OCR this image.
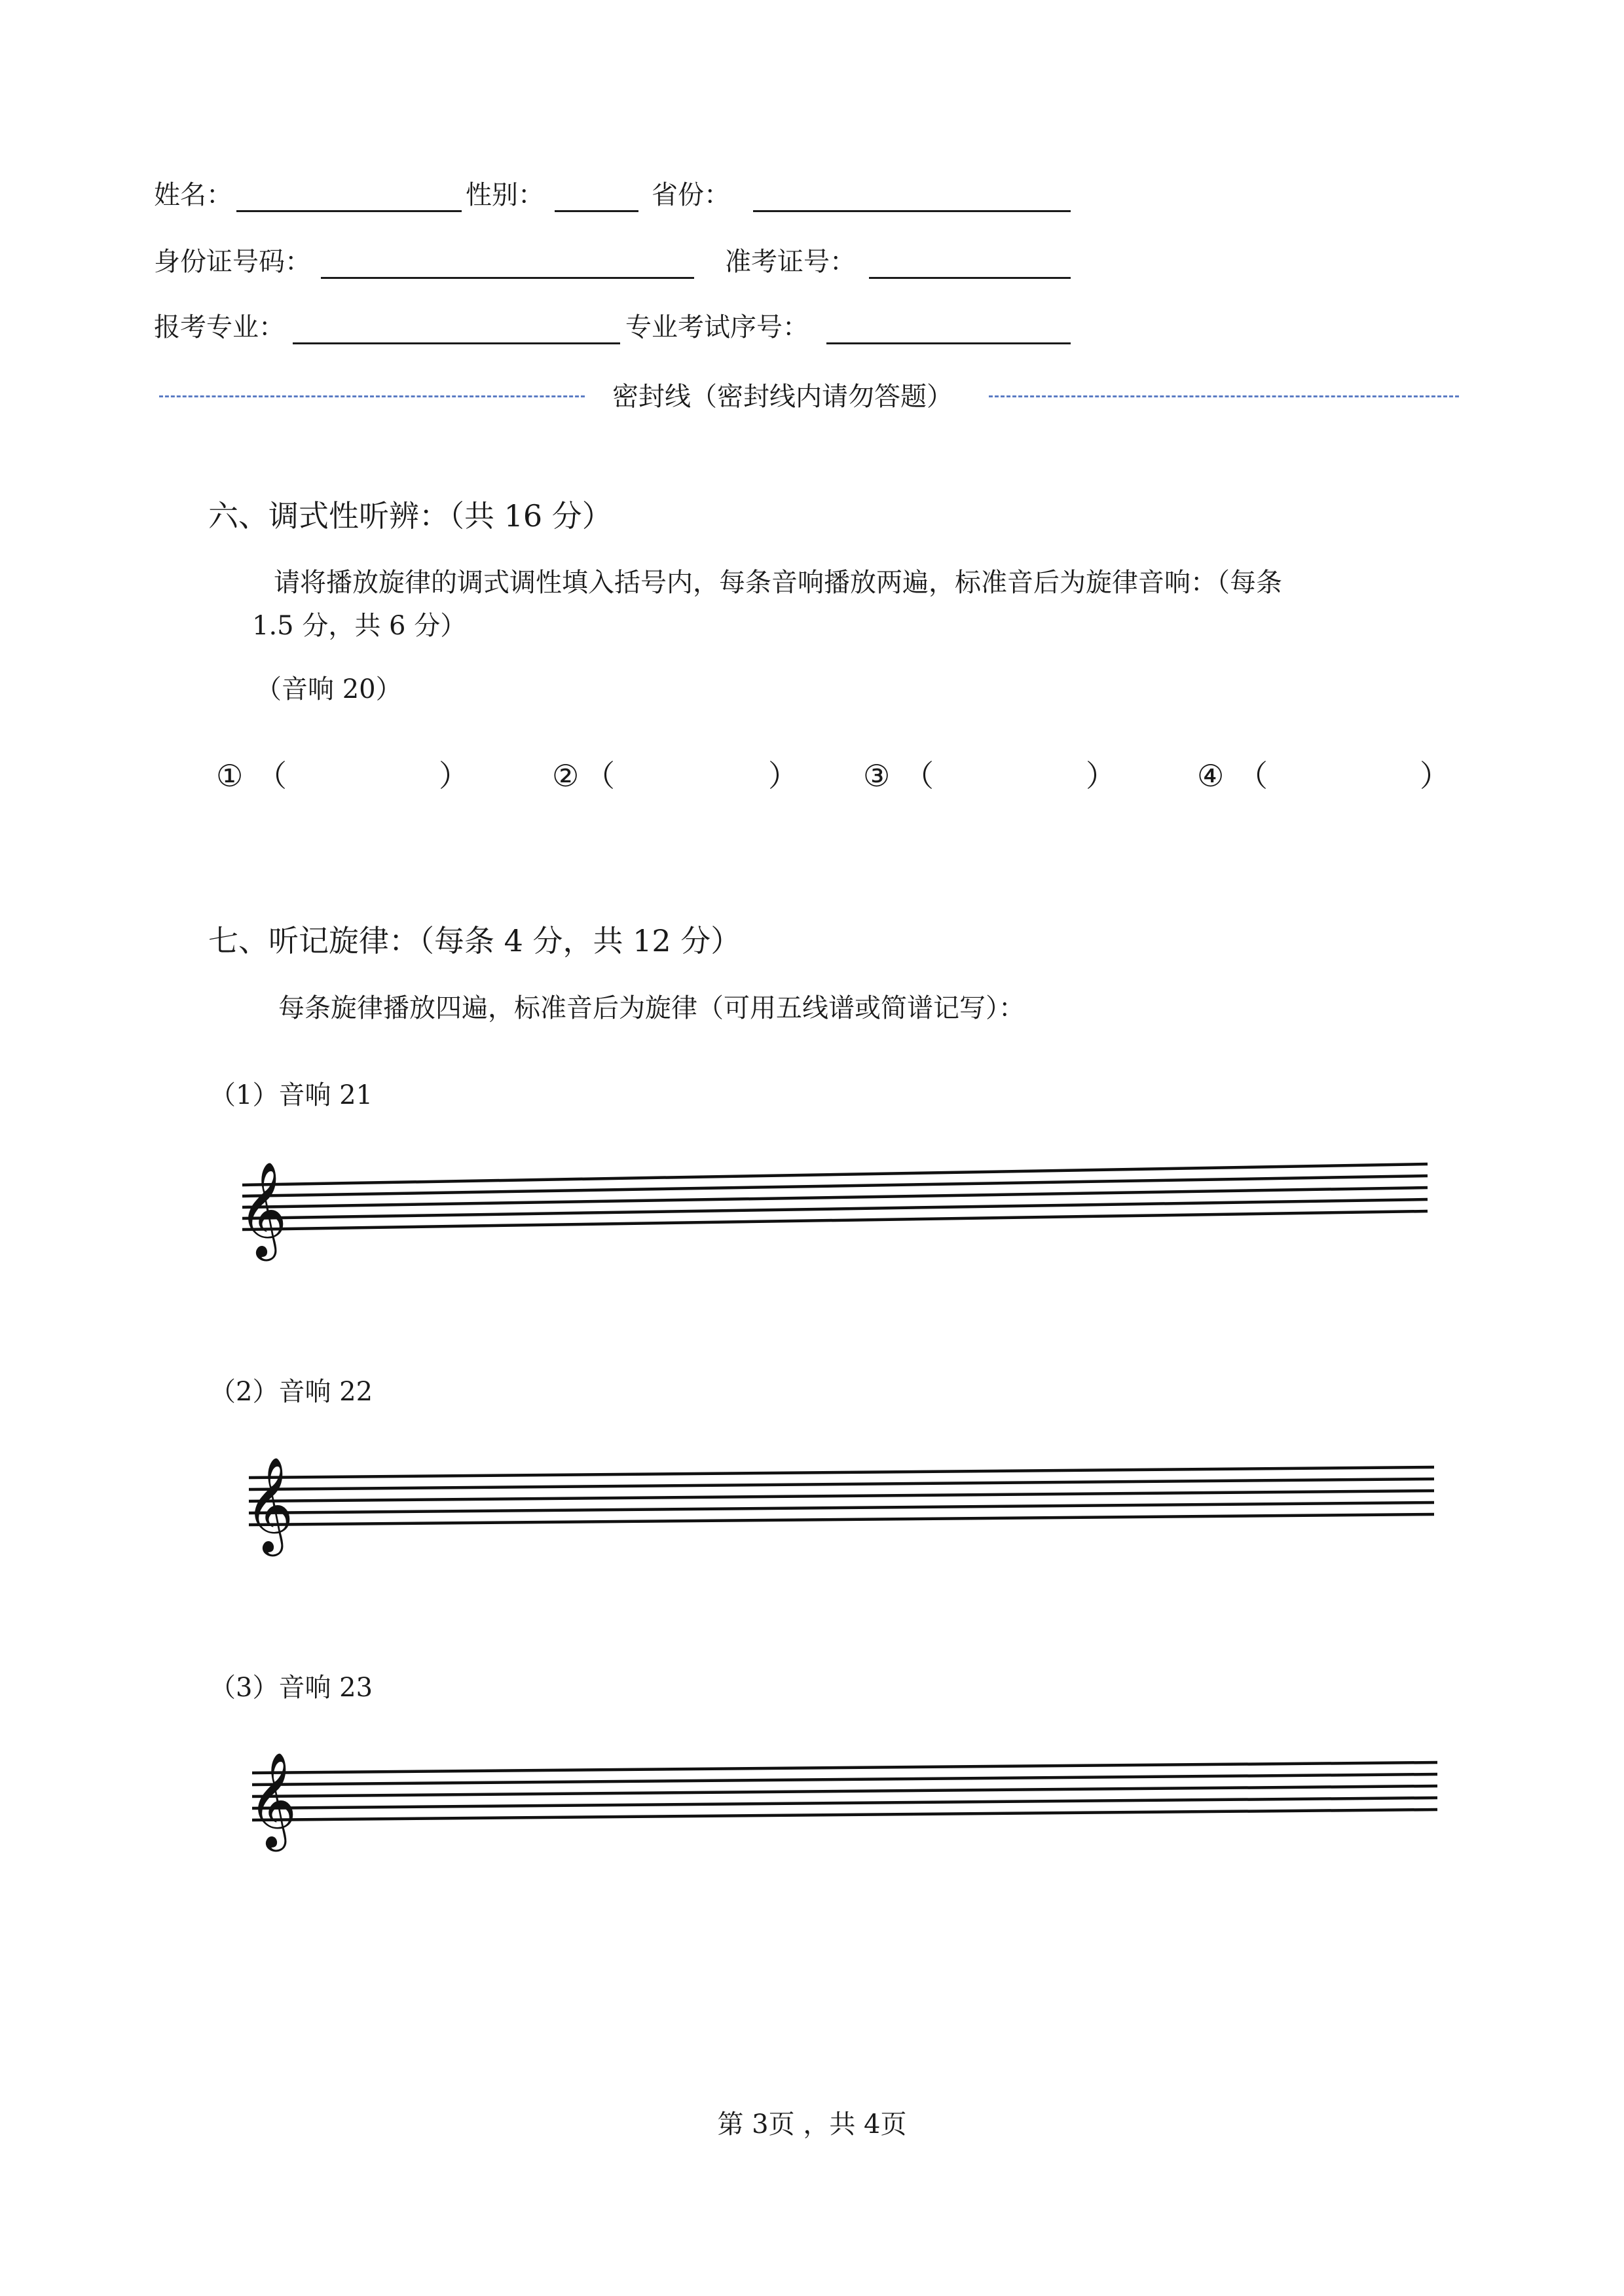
姓名：	性别：	省份：
身份证号码：	准考证号：
报考专业：	专业考试序号：
密封线（密封线内请勿答题）
六、调式性听辨：（共 16 分）
请将播放旋律的调式调性填入括号内，每条音响播放两遍，标准音后为旋律音响：（每条
1.5 分，共 6 分）
（音响 20）
① （	）	② （	） ③ （	）	④ （	）
七、听记旋律：（每条 4 分，共 12 分）
每条旋律播放四遍，标准音后为旋律（可用五线谱或简谱记写）：
（1）音响 21
𝄞
（2）音响 22
𝄞
（3）音响 23
𝄞
第 3页 ，共 4页
